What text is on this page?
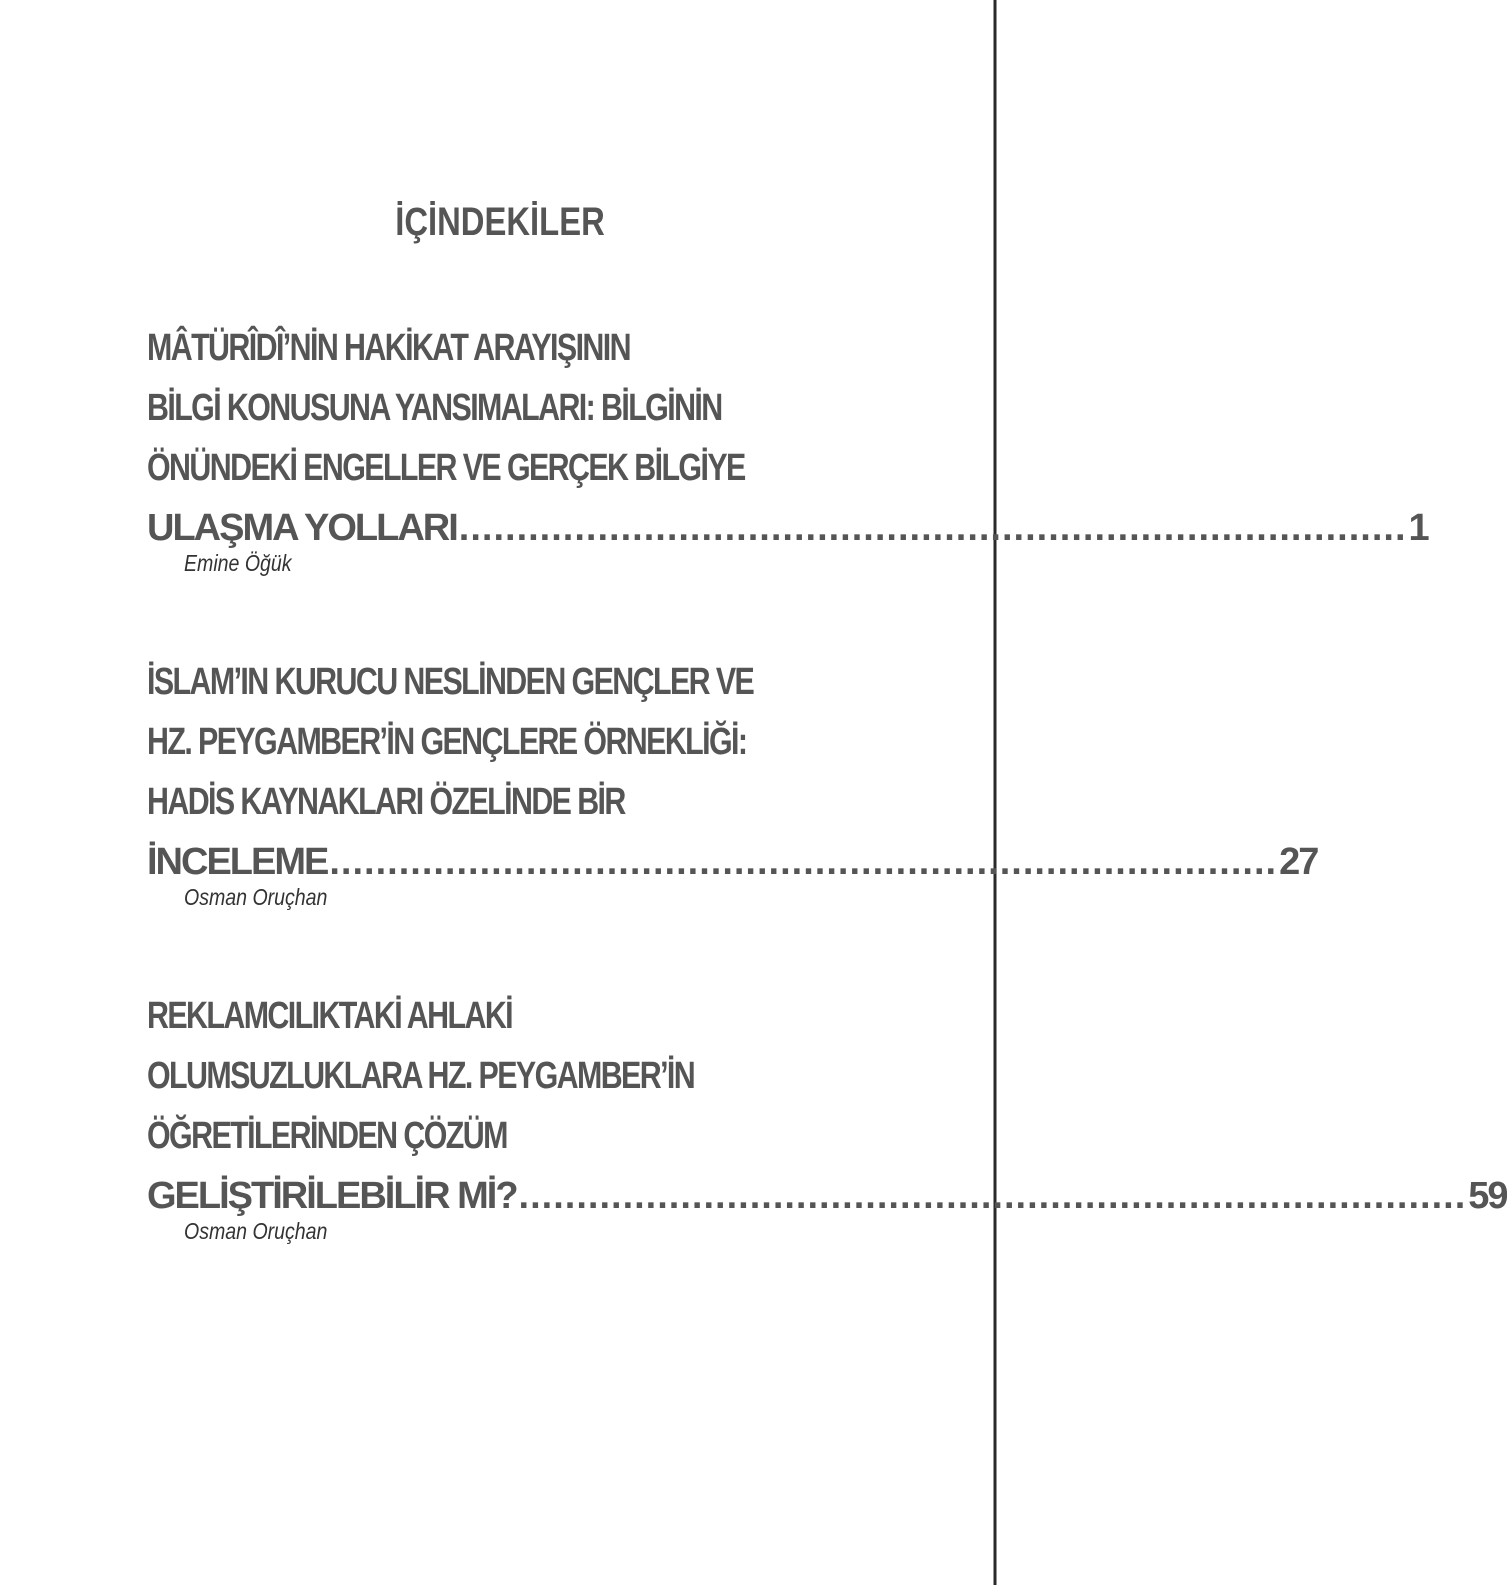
İÇİNDEKİLER
MÂTÜRÎDÎ’NİN HAKİKAT ARAYIŞININ
BİLGİ KONUSUNA YANSIMALARI: BİLGİNİN
ÖNÜNDEKİ ENGELLER VE GERÇEK BİLGİYE
ULAŞMA YOLLARI .................................................................................. 1
Emine Öğük
İSLAM’IN KURUCU NESLİNDEN GENÇLER VE
HZ. PEYGAMBER’İN GENÇLERE ÖRNEKLİĞİ:
HADİS KAYNAKLARI ÖZELİNDE BİR
İNCELEME .................................................................................. 27
Osman Oruçhan
REKLAMCILIKTAKİ AHLAKİ
OLUMSUZLUKLARA HZ. PEYGAMBER’İN
ÖĞRETİLERİNDEN ÇÖZÜM
GELİŞTİRİLEBİLİR Mİ? .................................................................................. 59
Osman Oruçhan
